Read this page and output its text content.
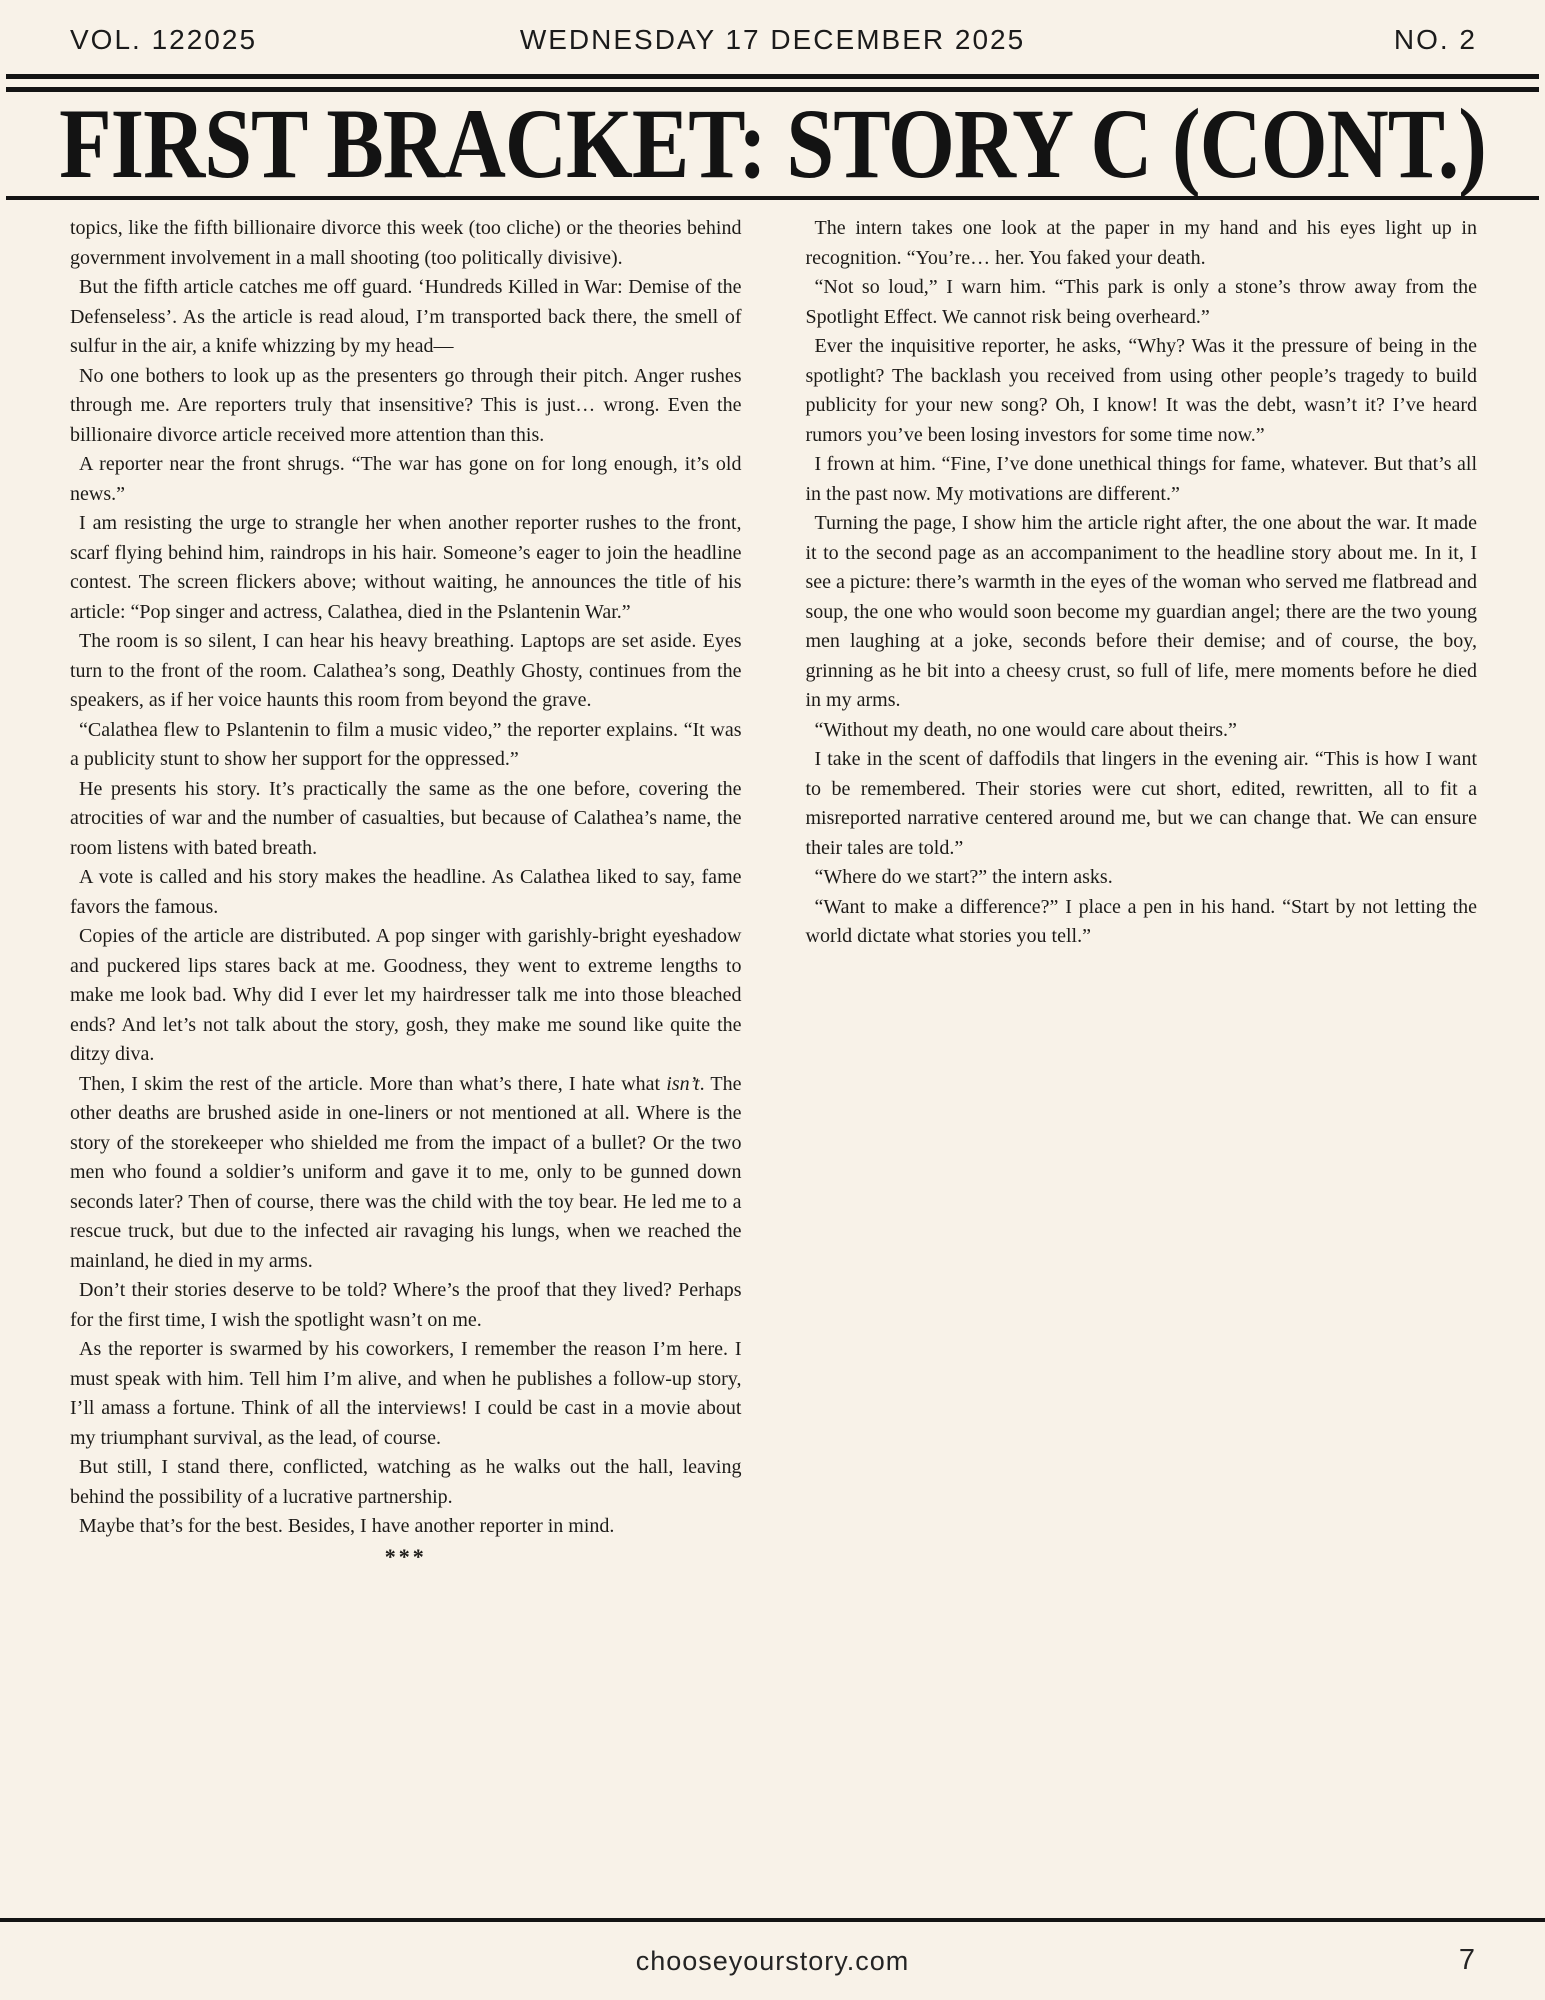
VOL. 122025	WEDNESDAY 17 DECEMBER 2025	NO. 2
FIRST BRACKET: STORY C (CONT.)

topics, like the fifth billionaire divorce this week (too cliche) or the theories behind government involvement in a mall shooting (too politically divisive).

But the fifth article catches me off guard. ‘Hundreds Killed in War: Demise of the Defenseless’. As the article is read aloud, I’m transported back there, the smell of sulfur in the air, a knife whizzing by my head—

No one bothers to look up as the presenters go through their pitch. Anger rushes through me. Are reporters truly that insensitive? This is just… wrong. Even the billionaire divorce article received more attention than this.

A reporter near the front shrugs. “The war has gone on for long enough, it’s old news.”

I am resisting the urge to strangle her when another reporter rushes to the front, scarf flying behind him, raindrops in his hair. Someone’s eager to join the headline contest. The screen flickers above; without waiting, he announces the title of his article: “Pop singer and actress, Calathea, died in the Pslantenin War.”

The room is so silent, I can hear his heavy breathing. Laptops are set aside. Eyes turn to the front of the room. Calathea’s song, Deathly Ghosty, continues from the speakers, as if her voice haunts this room from beyond the grave.

“Calathea flew to Pslantenin to film a music video,” the reporter explains. “It was a publicity stunt to show her support for the oppressed.”

He presents his story. It’s practically the same as the one before, covering the atrocities of war and the number of casualties, but because of Calathea’s name, the room listens with bated breath.

A vote is called and his story makes the headline. As Calathea liked to say, fame favors the famous.

Copies of the article are distributed. A pop singer with garishly-bright eyeshadow and puckered lips stares back at me. Goodness, they went to extreme lengths to make me look bad. Why did I ever let my hairdresser talk me into those bleached ends? And let’s not talk about the story, gosh, they make me sound like quite the ditzy diva.

Then, I skim the rest of the article. More than what’s there, I hate what isn’t. The other deaths are brushed aside in one-liners or not mentioned at all. Where is the story of the storekeeper who shielded me from the impact of a bullet? Or the two men who found a soldier’s uniform and gave it to me, only to be gunned down seconds later? Then of course, there was the child with the toy bear. He led me to a rescue truck, but due to the infected air ravaging his lungs, when we reached the mainland, he died in my arms.

Don’t their stories deserve to be told? Where’s the proof that they lived? Perhaps for the first time, I wish the spotlight wasn’t on me.

As the reporter is swarmed by his coworkers, I remember the reason I’m here. I must speak with him. Tell him I’m alive, and when he publishes a follow-up story, I’ll amass a fortune. Think of all the interviews! I could be cast in a movie about my triumphant survival, as the lead, of course.

But still, I stand there, conflicted, watching as he walks out the hall, leaving behind the possibility of a lucrative partnership.

Maybe that’s for the best. Besides, I have another reporter in mind.

***

The intern takes one look at the paper in my hand and his eyes light up in recognition. “You’re… her. You faked your death.

“Not so loud,” I warn him. “This park is only a stone’s throw away from the Spotlight Effect. We cannot risk being overheard.”

Ever the inquisitive reporter, he asks, “Why? Was it the pressure of being in the spotlight? The backlash you received from using other people’s tragedy to build publicity for your new song? Oh, I know! It was the debt, wasn’t it? I’ve heard rumors you’ve been losing investors for some time now.”

I frown at him. “Fine, I’ve done unethical things for fame, whatever. But that’s all in the past now. My motivations are different.”

Turning the page, I show him the article right after, the one about the war. It made it to the second page as an accompaniment to the headline story about me. In it, I see a picture: there’s warmth in the eyes of the woman who served me flatbread and soup, the one who would soon become my guardian angel; there are the two young men laughing at a joke, seconds before their demise; and of course, the boy, grinning as he bit into a cheesy crust, so full of life, mere moments before he died in my arms.

“Without my death, no one would care about theirs.”

I take in the scent of daffodils that lingers in the evening air. “This is how I want to be remembered. Their stories were cut short, edited, rewritten, all to fit a misreported narrative centered around me, but we can change that. We can ensure their tales are told.”

“Where do we start?” the intern asks.

“Want to make a difference?” I place a pen in his hand. “Start by not letting the world dictate what stories you tell.”

chooseyourstory.com	7
